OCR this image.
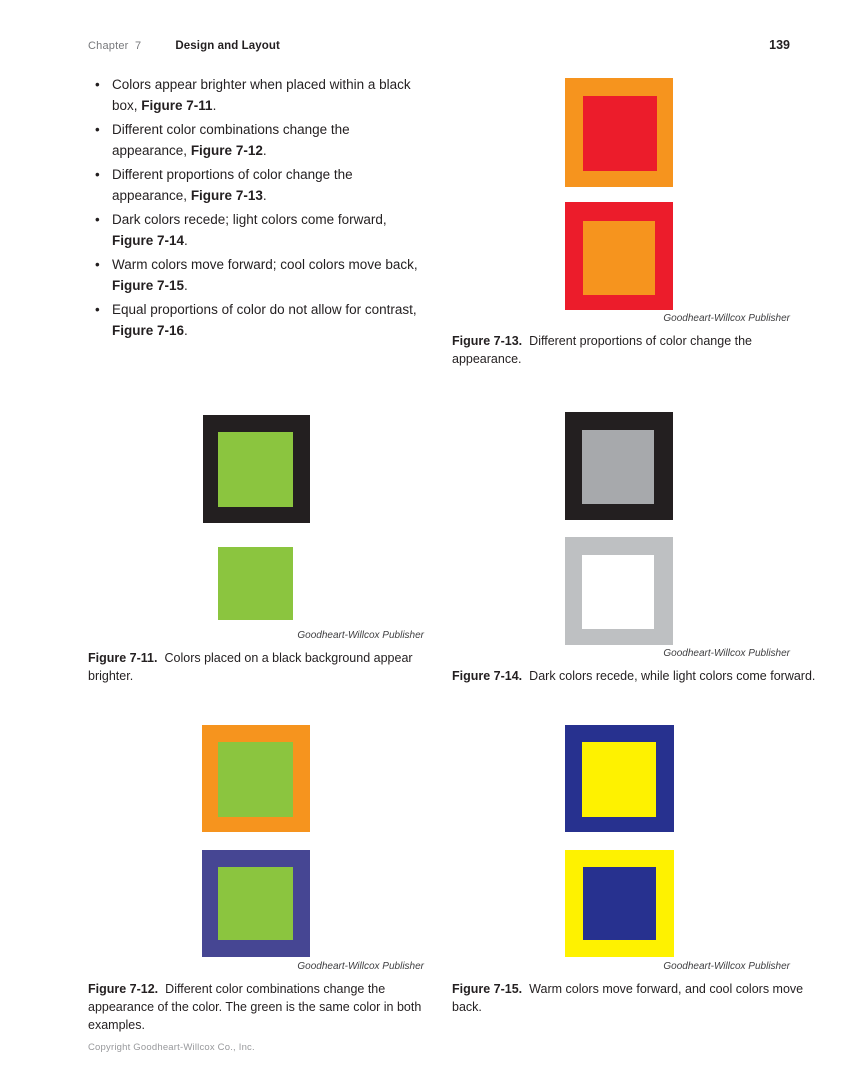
Chapter  7	Design and Layout	139
• Colors appear brighter when placed within a black box, Figure 7-11.
• Different color combinations change the appearance, Figure 7-12.
• Different proportions of color change the appearance, Figure 7-13.
• Dark colors recede; light colors come forward, Figure 7-14.
• Warm colors move forward; cool colors move back, Figure 7-15.
• Equal proportions of color do not allow for contrast, Figure 7-16.
Goodheart-Willcox Publisher
Figure 7-13. Different proportions of color change the appearance.
Goodheart-Willcox Publisher
Figure 7-11. Colors placed on a black background appear brighter.
Goodheart-Willcox Publisher
Figure 7-14. Dark colors recede, while light colors come forward.
Goodheart-Willcox Publisher
Figure 7-12. Different color combinations change the appearance of the color. The green is the same color in both examples.
Goodheart-Willcox Publisher
Figure 7-15. Warm colors move forward, and cool colors move back.
Copyright Goodheart-Willcox Co., Inc.
